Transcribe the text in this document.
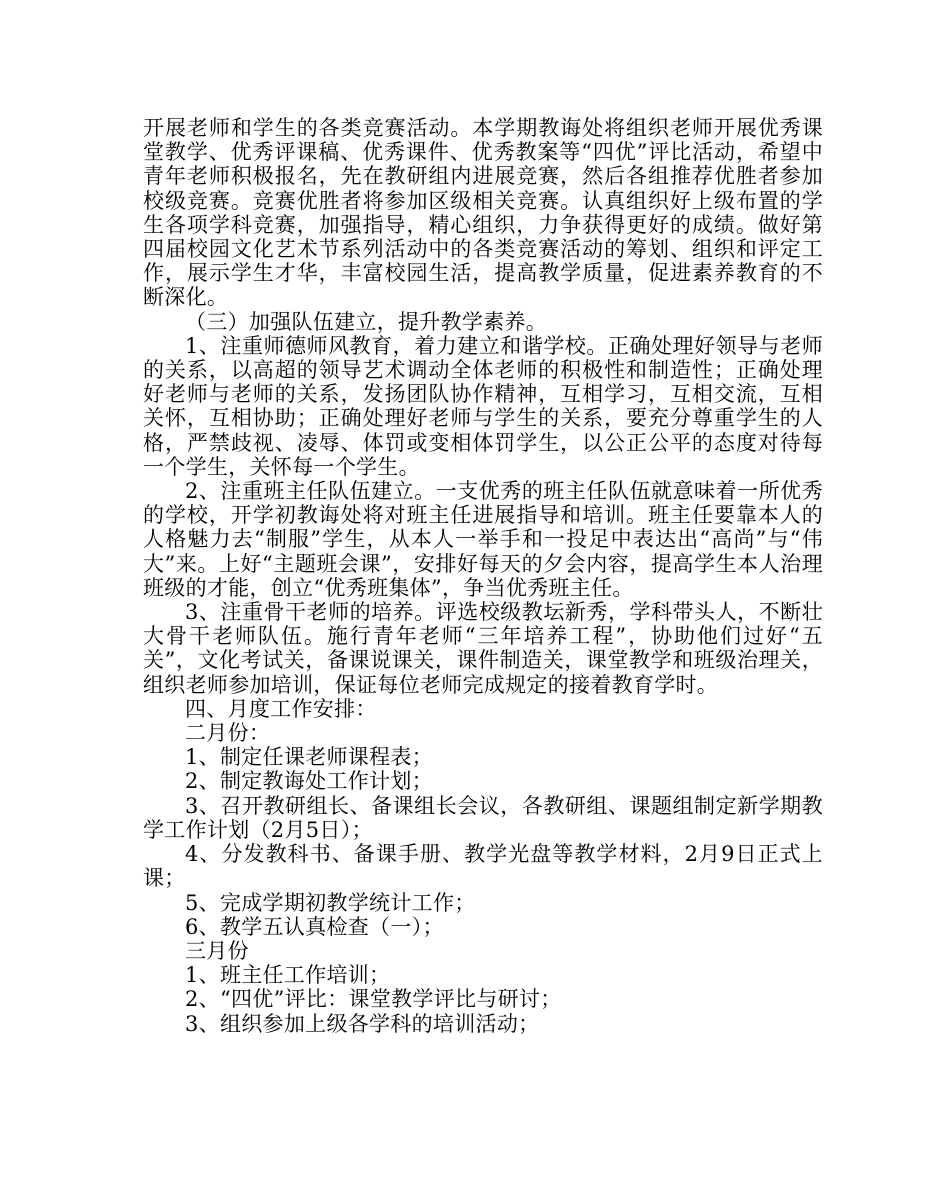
开展老师和学生的各类竞赛活动。本学期教诲处将组织老师开展优秀课堂教学、优秀评课稿、优秀课件、优秀教案等“四优”评比活动，希望中青年老师积极报名，先在教研组内进展竞赛，然后各组推荐优胜者参加校级竞赛。竞赛优胜者将参加区级相关竞赛。认真组织好上级布置的学生各项学科竞赛，加强指导，精心组织，力争获得更好的成绩。做好第四届校园文化艺术节系列活动中的各类竞赛活动的筹划、组织和评定工作，展示学生才华，丰富校园生活，提高教学质量，促进素养教育的不断深化。

（三）加强队伍建立，提升教学素养。

1、注重师德师风教育，着力建立和谐学校。正确处理好领导与老师的关系，以高超的领导艺术调动全体老师的积极性和制造性；正确处理好老师与老师的关系，发扬团队协作精神，互相学习，互相交流，互相关怀，互相协助；正确处理好老师与学生的关系，要充分尊重学生的人格，严禁歧视、凌辱、体罚或变相体罚学生，以公正公平的态度对待每一个学生，关怀每一个学生。

2、注重班主任队伍建立。一支优秀的班主任队伍就意味着一所优秀的学校，开学初教诲处将对班主任进展指导和培训。班主任要靠本人的人格魅力去“制服”学生，从本人一举手和一投足中表达出“高尚”与“伟大”来。上好“主题班会课”，安排好每天的夕会内容，提高学生本人治理班级的才能，创立“优秀班集体”，争当优秀班主任。

3、注重骨干老师的培养。评选校级教坛新秀，学科带头人，不断壮大骨干老师队伍。施行青年老师“三年培养工程”，协助他们过好“五关”，文化考试关，备课说课关，课件制造关，课堂教学和班级治理关，组织老师参加培训，保证每位老师完成规定的接着教育学时。

四、月度工作安排：

二月份：

1、制定任课老师课程表；

2、制定教诲处工作计划；

3、召开教研组长、备课组长会议，各教研组、课题组制定新学期教学工作计划（2月5日）；

4、分发教科书、备课手册、教学光盘等教学材料，2月9日正式上课；

5、完成学期初教学统计工作；

6、教学五认真检查（一）；

三月份

1、班主任工作培训；

2、“四优”评比：课堂教学评比与研讨；

3、组织参加上级各学科的培训活动；
